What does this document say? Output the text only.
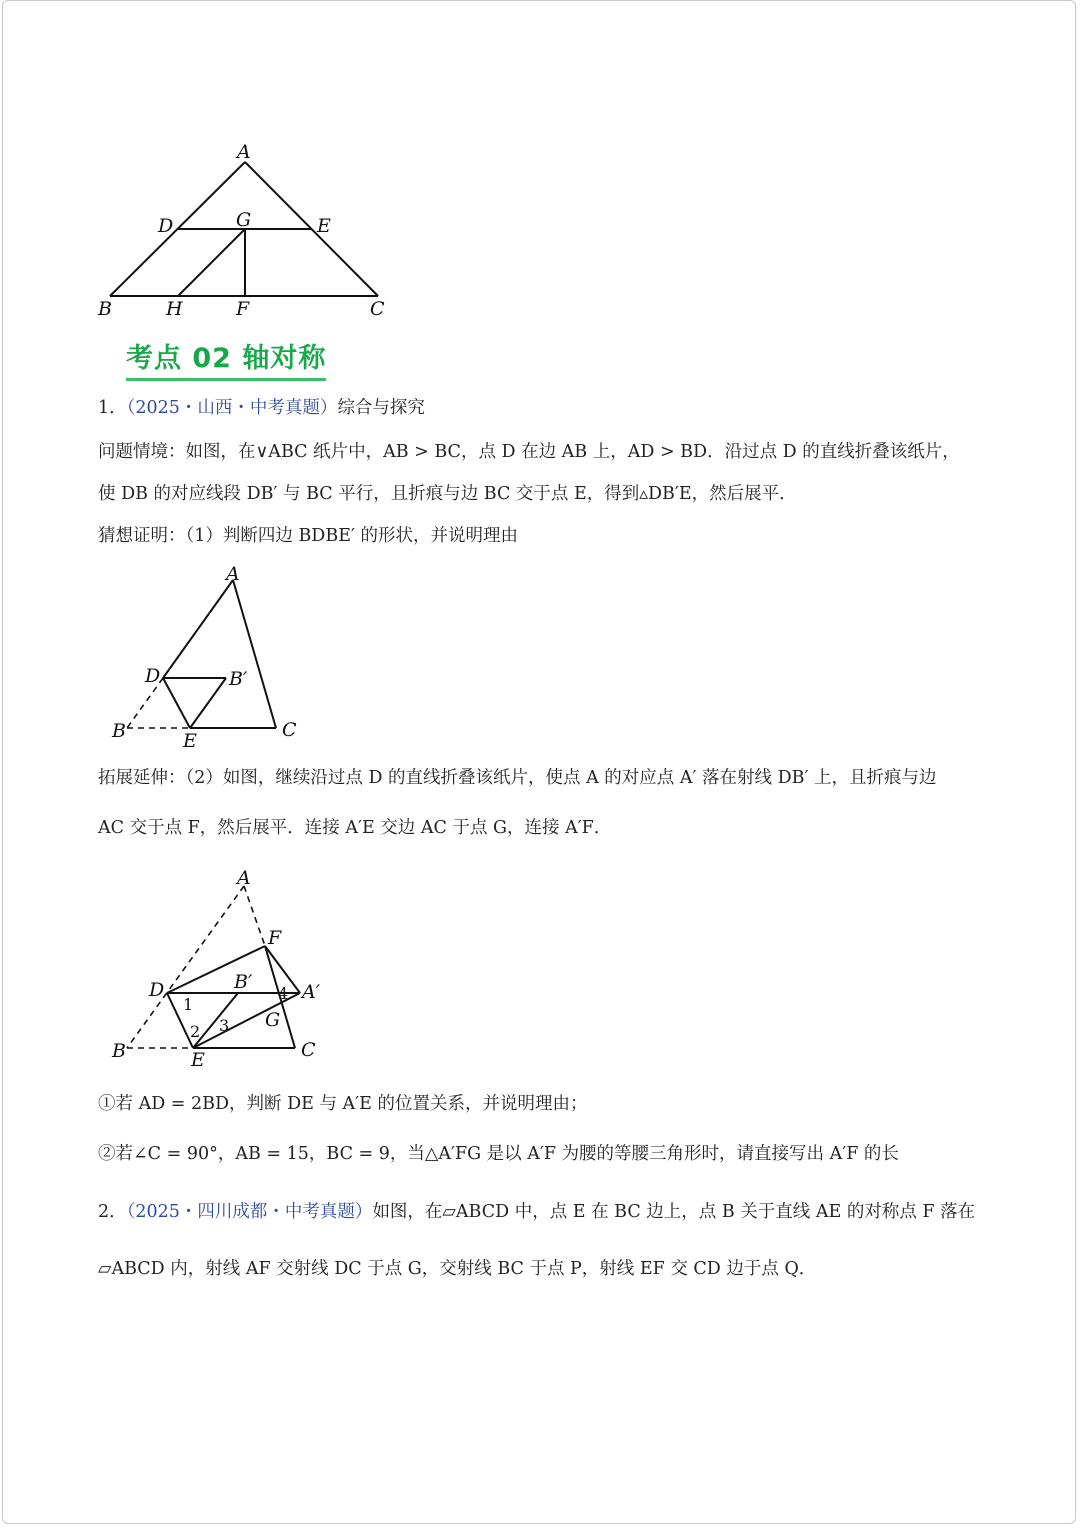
A
D	G	E
B	H	F	C
考点 02 轴对称

1．（2025・山西・中考真题）综合与探究

问题情境：如图，在∨ABC 纸片中，AB > BC，点 D 在边 AB 上，AD > BD．沿过点 D 的直线折叠该纸片，

使 DB 的对应线段 DB′ 与 BC 平行，且折痕与边 BC 交于点 E，得到▵DB′E，然后展平．

猜想证明：（1）判断四边 BDBE′ 的形状，并说明理由

A
D	B′
B	E	C

拓展延伸：（2）如图，继续沿过点 D 的直线折叠该纸片，使点 A 的对应点 A′ 落在射线 DB′ 上，且折痕与边

AC 交于点 F，然后展平．连接 A′E 交边 AC 于点 G，连接 A′F．

A
F
D	B′	A′
G
B	E	C
1
2 3
4

①若 AD = 2BD，判断 DE 与 A′E 的位置关系，并说明理由；

②若∠C = 90°，AB = 15，BC = 9，当△A′FG 是以 A′F 为腰的等腰三角形时，请直接写出 A′F 的长

2．（2025・四川成都・中考真题）如图，在▱ABCD 中，点 E 在 BC 边上，点 B 关于直线 AE 的对称点 F 落在

▱ABCD 内，射线 AF 交射线 DC 于点 G，交射线 BC 于点 P，射线 EF 交 CD 边于点 Q．
